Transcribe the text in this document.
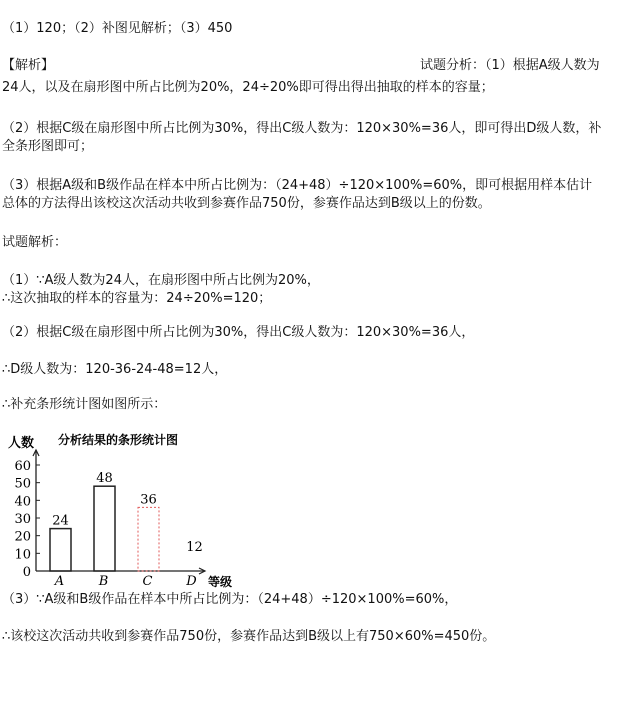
（1）120；（2）补图见解析；（3）450
【解析】	试题分析：（1）根据A级人数为
24人，以及在扇形图中所占比例为20%，24÷20%即可得出得出抽取的样本的容量；
（2）根据C级在扇形图中所占比例为30%，得出C级人数为：120×30%=36人，即可得出D级人数，补
全条形图即可；
（3）根据A级和B级作品在样本中所占比例为：（24+48）÷120×100%=60%，即可根据用样本估计
总体的方法得出该校这次活动共收到参赛作品750份，参赛作品达到B级以上的份数。
试题解析：
（1）∵A级人数为24人，在扇形图中所占比例为20%，
∴这次抽取的样本的容量为：24÷20%=120；
（2）根据C级在扇形图中所占比例为30%，得出C级人数为：120×30%=36人，
∴D级人数为：120-36-24-48=12人，
∴补充条形统计图如图所示：
分析结果的条形统计图
人数
等级
0
10
20
30
40
50
60
24
A
48
B
36
C
12
D
（3）∵A级和B级作品在样本中所占比例为：（24+48）÷120×100%=60%，
∴该校这次活动共收到参赛作品750份，参赛作品达到B级以上有750×60%=450份。
